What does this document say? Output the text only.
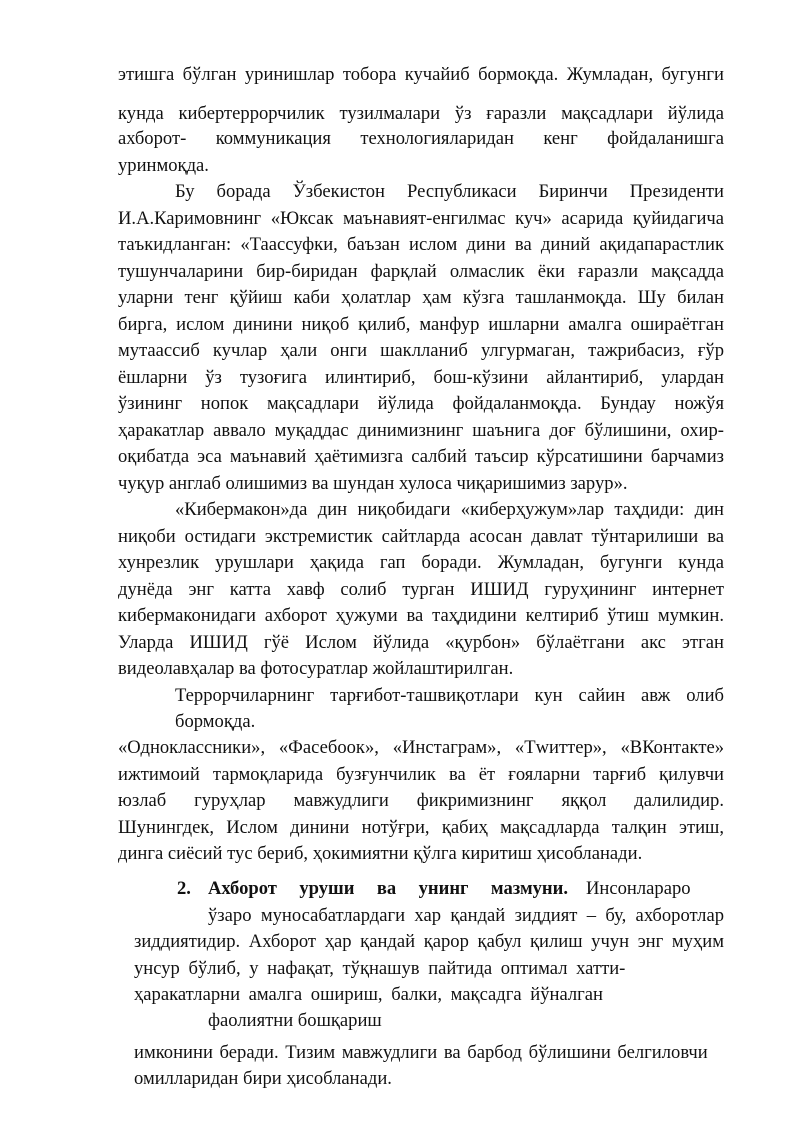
этишга бўлган уринишлар тобора кучайиб бормоқда. Жумладан, бугунги
кунда кибертеррорчилик тузилмалари ўз ғаразли мақсадлари йўлида
ахборот- коммуникация технологияларидан кенг фойдаланишга
уринмоқда.
Бу борада Ўзбекистон Республикаси Биринчи Президенти
И.А.Каримовнинг «Юксак маънавият-енгилмас куч» асарида қуйидагича
таъкидланган: «Таассуфки, баъзан ислом дини ва диний ақидапарастлик
тушунчаларини бир-биридан фарқлай олмаслик ёки ғаразли мақсадда
уларни тенг қўйиш каби ҳолатлар ҳам кўзга ташланмоқда. Шу билан
бирга, ислом динини ниқоб қилиб, манфур ишларни амалга ошираётган
мутаассиб кучлар ҳали онги шаклланиб улгурмаган, тажрибасиз, ғўр
ёшларни ўз тузоғига илинтириб, бош-кўзини айлантириб, улардан
ўзининг нопок мақсадлари йўлида фойдаланмоқда. Бундау ножўя
ҳаракатлар аввало муқаддас динимизнинг шаънига доғ бўлишини, охир-
оқибатда эса маънавий ҳаётимизга салбий таъсир кўрсатишини барчамиз
чуқур англаб олишимиз ва шундан хулоса чиқаришимиз зарур».
«Кибермакон»да дин ниқобидаги «киберҳужум»лар таҳдиди: дин
ниқоби остидаги экстремистик сайтларда асосан давлат тўнтарилиши ва
хунрезлик урушлари ҳақида гап боради. Жумладан, бугунги кунда
дунёда энг катта хавф солиб турган ИШИД гуруҳининг интернет
кибермаконидаги ахборот ҳужуми ва таҳдидини келтириб ўтиш мумкин.
Уларда ИШИД гўё Ислом йўлида «қурбон» бўлаётгани акс этган
видеолавҳалар ва фотосуратлар жойлаштирилган.
Террорчиларнинг тарғибот-ташвиқотлари кун сайин авж олиб
бормоқда.
«Одноклассники», «Фасебоок», «Инстаграм», «Тwиттер», «ВКонтакте»
ижтимоий тармоқларида бузғунчилик ва ёт ғояларни тарғиб қилувчи
юзлаб гуруҳлар мавжудлиги фикримизнинг яққол далилидир.
Шунингдек, Ислом динини нотўғри, қабиҳ мақсадларда талқин этиш,
динга сиёсий тус бериб, ҳокимиятни қўлга киритиш ҳисобланади.
2. Ахборот уруши ва унинг мазмуни. Инсонлараро
ўзаро муносабатлардаги хар қандай зиддият – бу, ахборотлар
зиддиятидир. Ахборот ҳар қандай қарор қабул қилиш учун энг муҳим
унсур бўлиб, у нафақат, тўқнашув пайтида оптимал хатти-
ҳаракатларни амалга ошириш, балки, мақсадга йўналган
фаолиятни бошқариш
имконини беради. Тизим мавжудлиги ва барбод бўлишини белгиловчи
омилларидан бири ҳисобланади.
